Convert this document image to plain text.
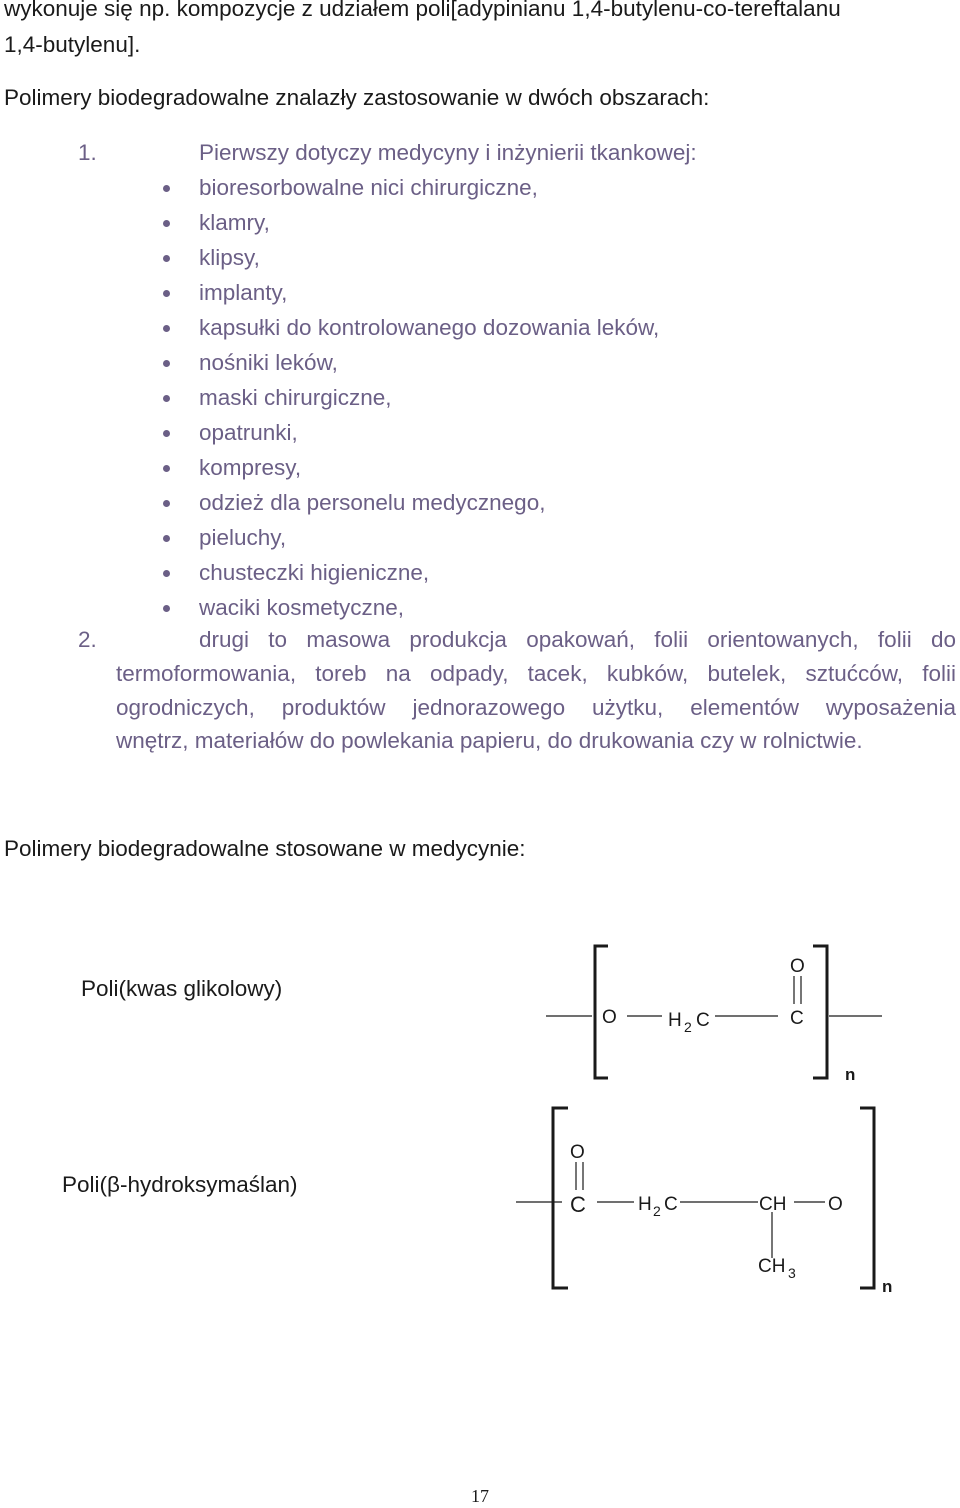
wykonuje się np. kompozycje z udziałem poli[adypinianu 1,4-butylenu-co-tereftalanu
1,4-butylenu].
Polimery biodegradowalne znalazły zastosowanie w dwóch obszarach:
1.	Pierwszy dotyczy medycyny i inżynierii tkankowej:
bioresorbowalne nici chirurgiczne,
klamry,
klipsy,
implanty,
kapsułki do kontrolowanego dozowania leków,
nośniki leków,
maski chirurgiczne,
opatrunki,
kompresy,
odzież dla personelu medycznego,
pieluchy,
chusteczki higieniczne,
waciki kosmetyczne,
2.	drugi to masowa produkcja opakowań, folii orientowanych, folii do
termoformowania, toreb na odpady, tacek, kubków, butelek, sztućców, folii
ogrodniczych, produktów jednorazowego użytku, elementów wyposażenia
wnętrz, materiałów do powlekania papieru, do drukowania czy w rolnictwie.
Polimery biodegradowalne stosowane w medycynie:
Poli(kwas glikolowy)
O	H 2 C	C
O
n
Poli(β-hydroksymaślan)
O
C	H 2 C	CH O
CH 3
n
17
